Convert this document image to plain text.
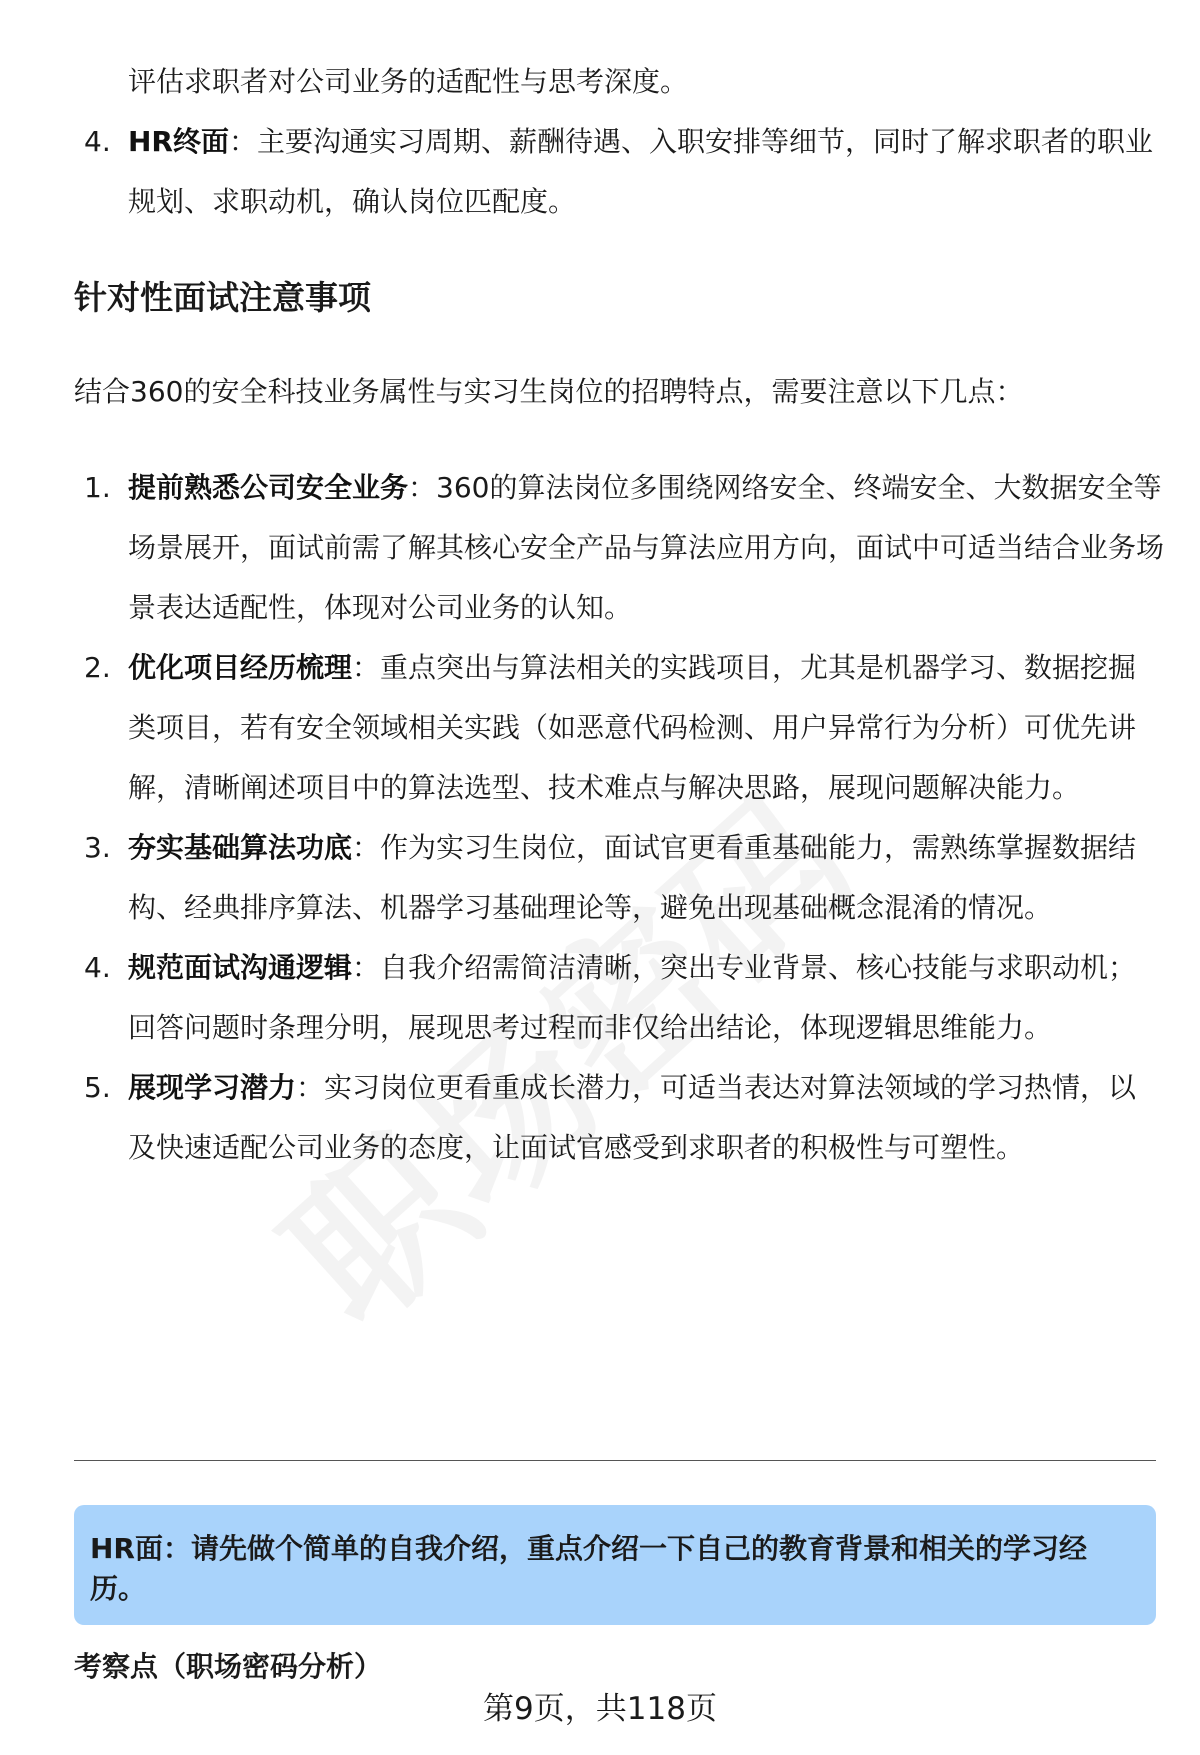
评估求职者对公司业务的适配性与思考深度。

4. HR终面：主要沟通实习周期、薪酬待遇、入职安排等细节，同时了解求职者的职业规划、求职动机，确认岗位匹配度。
针对性面试注意事项

结合360的安全科技业务属性与实习生岗位的招聘特点，需要注意以下几点：

1. 提前熟悉公司安全业务：360的算法岗位多围绕网络安全、终端安全、大数据安全等场景展开，面试前需了解其核心安全产品与算法应用方向，面试中可适当结合业务场景表达适配性，体现对公司业务的认知。
2. 优化项目经历梳理：重点突出与算法相关的实践项目，尤其是机器学习、数据挖掘类项目，若有安全领域相关实践（如恶意代码检测、用户异常行为分析）可优先讲解，清晰阐述项目中的算法选型、技术难点与解决思路，展现问题解决能力。
3. 夯实基础算法功底：作为实习生岗位，面试官更看重基础能力，需熟练掌握数据结构、经典排序算法、机器学习基础理论等，避免出现基础概念混淆的情况。
4. 规范面试沟通逻辑：自我介绍需简洁清晰，突出专业背景、核心技能与求职动机；回答问题时条理分明，展现思考过程而非仅给出结论，体现逻辑思维能力。
5. 展现学习潜力：实习岗位更看重成长潜力，可适当表达对算法领域的学习热情，以及快速适配公司业务的态度，让面试官感受到求职者的积极性与可塑性。
HR面：请先做个简单的自我介绍，重点介绍一下自己的教育背景和相关的学习经历。

考察点（职场密码分析）

第9页，共118页
